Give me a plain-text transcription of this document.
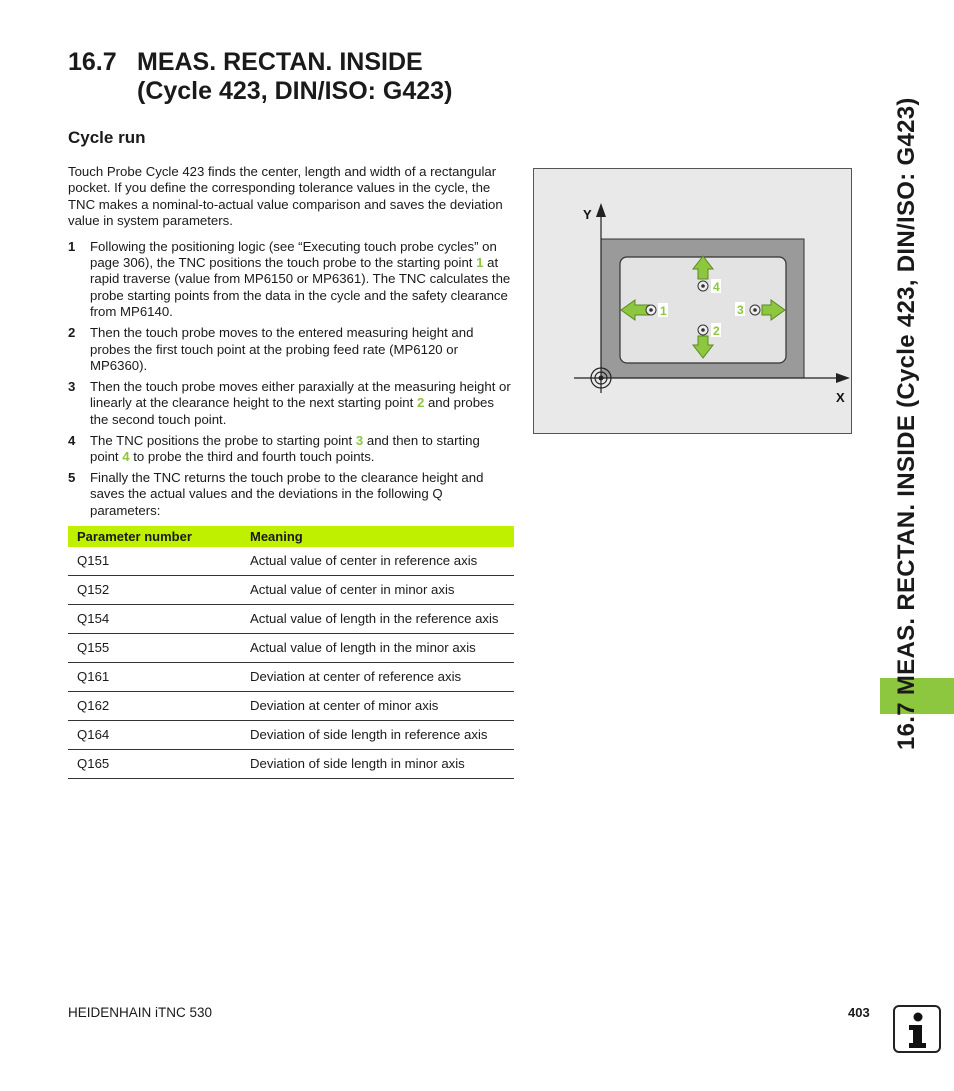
16.7 MEAS. RECTAN. INSIDE
(Cycle 423, DIN/ISO: G423)
Cycle run

Touch Probe Cycle 423 finds the center, length and width of a rectangular pocket. If you define the corresponding tolerance values in the cycle, the TNC makes a nominal-to-actual value comparison and saves the deviation value in system parameters.

1 Following the positioning logic (see “Executing touch probe cycles” on page 306), the TNC positions the touch probe to the starting point 1 at rapid traverse (value from MP6150 or MP6361). The TNC calculates the probe starting points from the data in the cycle and the safety clearance from MP6140.
2 Then the touch probe moves to the entered measuring height and probes the first touch point at the probing feed rate (MP6120 or MP6360).
3 Then the touch probe moves either paraxially at the measuring height or linearly at the clearance height to the next starting point 2 and probes the second touch point.
4 The TNC positions the probe to starting point 3 and then to starting point 4 to probe the third and fourth touch points.
5 Finally the TNC returns the touch probe to the clearance height and saves the actual values and the deviations in the following Q parameters:
Parameter number	Meaning
Q151	Actual value of center in reference axis
Q152	Actual value of center in minor axis
Q154	Actual value of length in the reference axis
Q155	Actual value of length in the minor axis
Q161	Deviation at center of reference axis
Q162	Deviation at center of minor axis
Q164	Deviation of side length in reference axis
Q165	Deviation of side length in minor axis
Y
X
1
2
3
4	16.7 MEAS. RECTAN. INSIDE (Cycle 423, DIN/ISO: G423)
HEIDENHAIN iTNC 530	403
